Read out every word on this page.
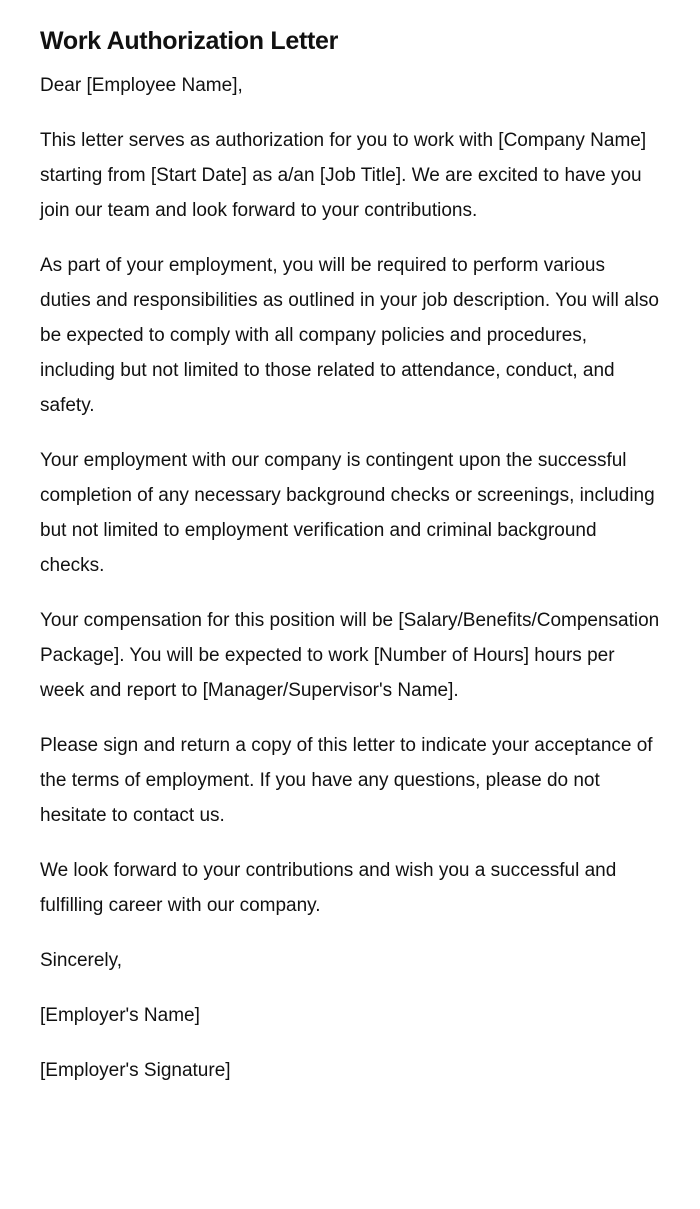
Work Authorization Letter

Dear [Employee Name],

This letter serves as authorization for you to work with [Company Name] starting from [Start Date] as a/an [Job Title]. We are excited to have you join our team and look forward to your contributions.

As part of your employment, you will be required to perform various duties and responsibilities as outlined in your job description. You will also be expected to comply with all company policies and procedures, including but not limited to those related to attendance, conduct, and safety.

Your employment with our company is contingent upon the successful completion of any necessary background checks or screenings, including but not limited to employment verification and criminal background checks.

Your compensation for this position will be [Salary/Benefits/Compensation Package]. You will be expected to work [Number of Hours] hours per week and report to [Manager/Supervisor's Name].

Please sign and return a copy of this letter to indicate your acceptance of the terms of employment. If you have any questions, please do not hesitate to contact us.

We look forward to your contributions and wish you a successful and fulfilling career with our company.

Sincerely,

[Employer's Name]

[Employer's Signature]
